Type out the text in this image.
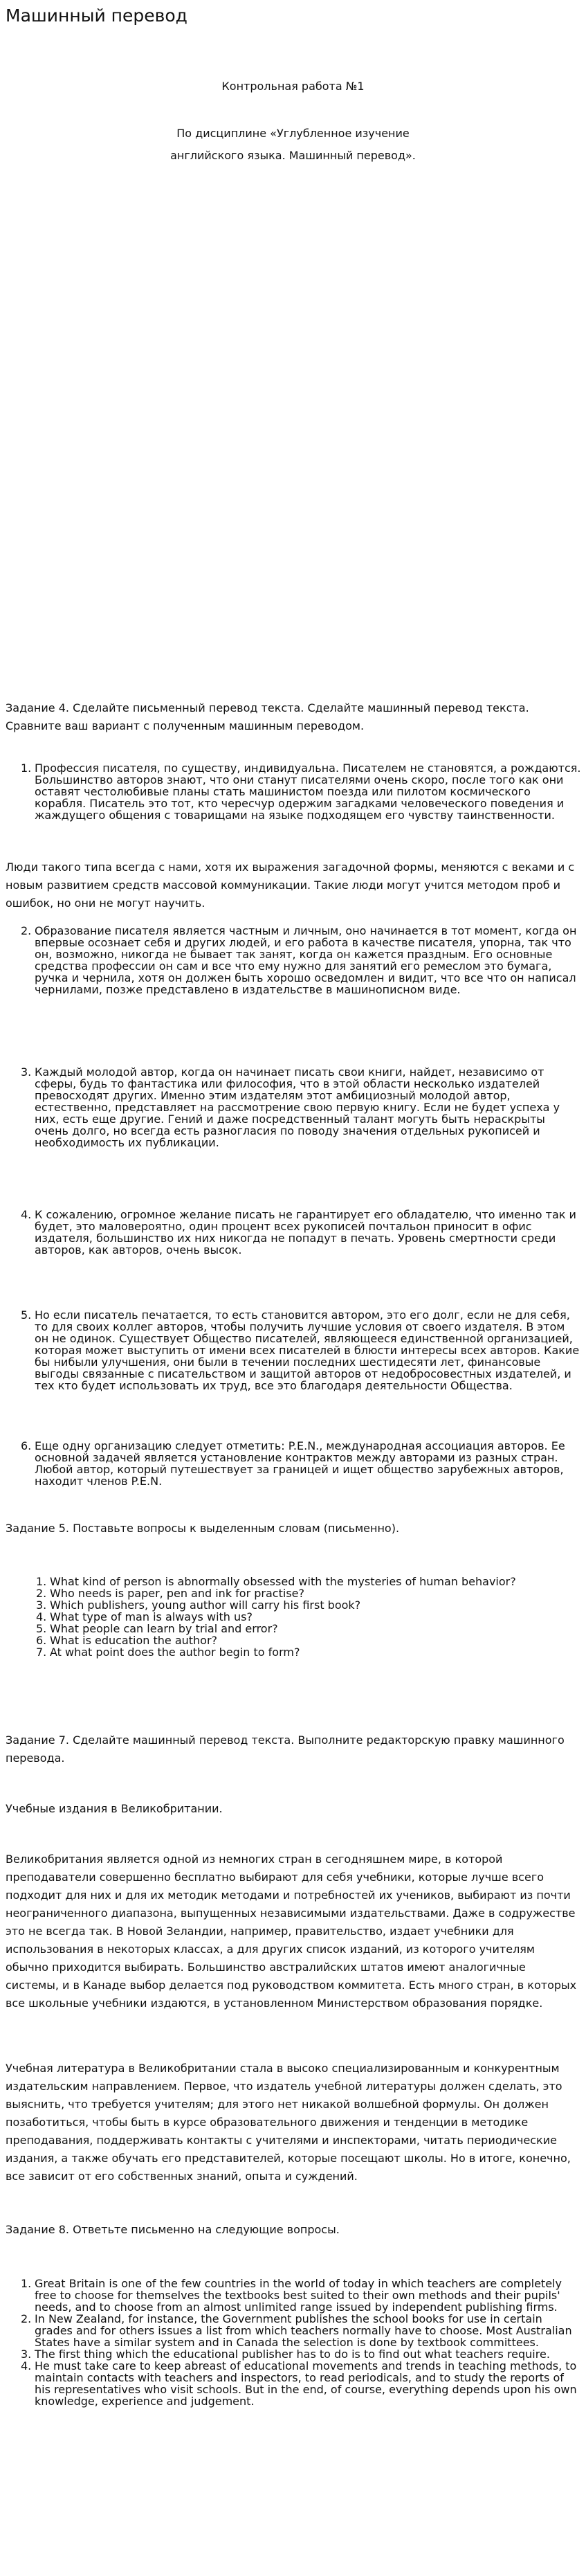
Машинный перевод
Контрольная работа №1
По дисциплине «Углубленное изучение
английского языка. Машинный перевод».

Задание 4. Сделайте письменный перевод текста. Сделайте машинный перевод текста. Сравните ваш вариант с полученным машинным переводом.

1. Профессия писателя, по существу, индивидуальна. Писателем не становятся, а рождаются. Большинство авторов знают, что они станут писателями очень скоро, после того как они оставят честолюбивые планы стать машинистом поезда или пилотом космического корабля. Писатель это тот, кто чересчур одержим загадками человеческого поведения и жаждущего общения с товарищами на языке подходящем его чувству таинственности.

Люди такого типа всегда с нами, хотя их выражения загадочной формы, меняются с веками и с новым развитием средств массовой коммуникации. Такие люди могут учится методом проб и ошибок, но они не могут научить.

2. Образование писателя является частным и личным, оно начинается в тот момент, когда он впервые осознает себя и других людей, и его работа в качестве писателя, упорна, так что он, возможно, никогда не бывает так занят, когда он кажется праздным. Его основные средства профессии он сам и все что ему нужно для занятий его ремеслом это бумага, ручка и чернила, хотя он должен быть хорошо осведомлен и видит, что все что он написал чернилами, позже представлено в издательстве в машинописном виде.
3. Каждый молодой автор, когда он начинает писать свои книги, найдет, независимо от сферы, будь то фантастика или философия, что в этой области несколько издателей превосходят других. Именно этим издателям этот амбициозный молодой автор, естественно, представляет на рассмотрение свою первую книгу. Если не будет успеха у них, есть еще другие. Гений и даже посредственный талант могуть быть нераскрыты очень долго, но всегда есть разногласия по поводу значения отдельных рукописей и необходимость их публикации.
4. К сожалению, огромное желание писать не гарантирует его обладателю, что именно так и будет, это маловероятно, один процент всех рукописей почтальон приносит в офис издателя, большинство их них никогда не попадут в печать. Уровень смертности среди авторов, как авторов, очень высок.
5. Но если писатель печатается, то есть становится автором, это его долг, если не для себя, то для своих коллег авторов, чтобы получить лучшие условия от своего издателя. В этом он не одинок. Существует Общество писателей, являющееся единственной организацией, которая может выступить от имени всех писателей в блюсти интересы всех авторов. Какие бы нибыли улучшения, они были в течении последних шестидесяти лет, финансовые выгоды связанные с писательством и защитой авторов от недобросовестных издателей, и тех кто будет использовать их труд, все это благодаря деятельности Общества.
6. Еще одну организацию следует отметить: P.E.N., международная ассоциация авторов. Ее основной задачей является установление контрактов между авторами из разных стран. Любой автор, который путешествует за границей и ищет общество зарубежных авторов, находит членов P.E.N.

Задание 5. Поставьте вопросы к выделенным словам (письменно).

1. What kind of person is abnormally obsessed with the mysteries of human behavior?
2. Who needs is paper, pen and ink for practise?
3. Which publishers, young author will carry his first book?
4. What type of man is always with us?
5. What people can learn by trial and error?
6. What is education the author?
7. At what point does the author begin to form?

Задание 7. Сделайте машинный перевод текста. Выполните редакторскую правку машинного перевода.

Учебные издания в Великобритании.

Великобритания является одной из немногих стран в сегодняшнем мире, в которой преподаватели совершенно бесплатно выбирают для себя учебники, которые лучше всего подходит для них и для их методик методами и потребностей их учеников, выбирают из почти неограниченного диапазона, выпущенных независимыми издательствами. Даже в содружестве это не всегда так. В Новой Зеландии, например, правительство, издает учебники для использования в некоторых классах, а для других список изданий, из которого учителям обычно приходится выбирать. Большинство австралийских штатов имеют аналогичные системы, и в Канаде выбор делается под руководством коммитета. Есть много стран, в которых все школьные учебники издаются, в установленном Министерством образования порядке.

Учебная литература в Великобритании стала в высоко специализированным и конкурентным издательским направлением. Первое, что издатель учебной литературы должен сделать, это выяснить, что требуется учителям; для этого нет никакой волшебной формулы. Он должен позаботиться, чтобы быть в курсе образовательного движения и тенденции в методике преподавания, поддерживать контакты с учителями и инспекторами, читать периодические издания, а также обучать его представителей, которые посещают школы. Но в итоге, конечно, все зависит от его собственных знаний, опыта и суждений.

Задание 8. Ответьте письменно на следующие вопросы.

1. Great Britain is one of the few countries in the world of today in which teachers are completely free to choose for themselves the textbooks best suited to their own methods and their pupils' needs, and to choose from an almost unlimited range issued by independent publishing firms.
2. In New Zealand, for instance, the Government publishes the school books for use in certain grades and for others issues a list from which teachers normally have to choose. Most Australian States have a similar system and in Canada the selection is done by textbook committees.
3. The first thing which the educational publisher has to do is to find out what teachers require.
4. He must take care to keep abreast of educational movements and trends in teaching methods, to maintain contacts with teachers and inspectors, to read periodicals, and to study the reports of his representatives who visit schools. But in the end, of course, everything depends upon his own knowledge, experience and judgement.
